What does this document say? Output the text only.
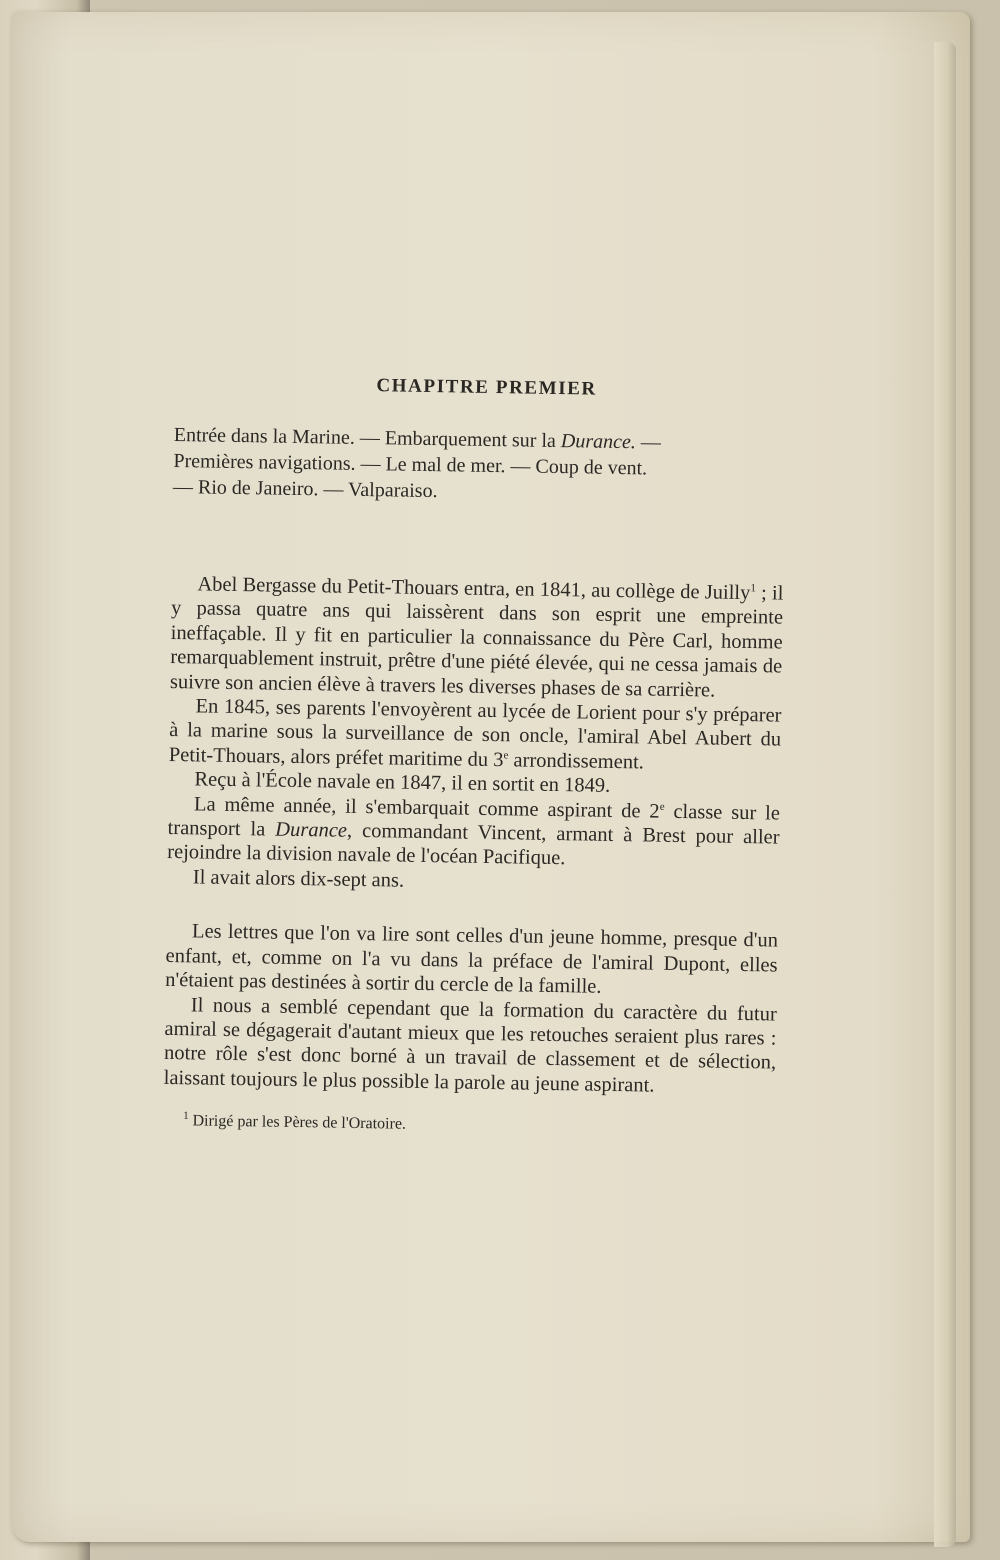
CHAPITRE PREMIER
Entrée dans la Marine. — Embarquement sur la Durance. —
Premières navigations. — Le mal de mer. — Coup de vent.
— Rio de Janeiro. — Valparaiso.

Abel Bergasse du Petit-Thouars entra, en 1841, au collège de Juilly$^1$ ; il y passa quatre ans qui laissèrent dans son esprit une empreinte ineffaçable. Il y fit en particulier la connaissance du Père Carl, homme remarquablement instruit, prêtre d'une piété élevée, qui ne cessa jamais de suivre son ancien élève à travers les diverses phases de sa carrière.

En 1845, ses parents l'envoyèrent au lycée de Lorient pour s'y préparer à la marine sous la surveillance de son oncle, l'amiral Abel Aubert du Petit-Thouars, alors préfet maritime du 3e arrondissement.

Reçu à l'École navale en 1847, il en sortit en 1849.

La même année, il s'embarquait comme aspirant de 2e classe sur le transport la Durance, commandant Vincent, armant à Brest pour aller rejoindre la division navale de l'océan Pacifique.

Il avait alors dix-sept ans.

Les lettres que l'on va lire sont celles d'un jeune homme, presque d'un enfant, et, comme on l'a vu dans la préface de l'amiral Dupont, elles n'étaient pas destinées à sortir du cercle de la famille.

Il nous a semblé cependant que la formation du caractère du futur amiral se dégagerait d'autant mieux que les retouches seraient plus rares : notre rôle s'est donc borné à un travail de classement et de sélection, laissant toujours le plus possible la parole au jeune aspirant.

$^1$ Dirigé par les Pères de l'Oratoire.
